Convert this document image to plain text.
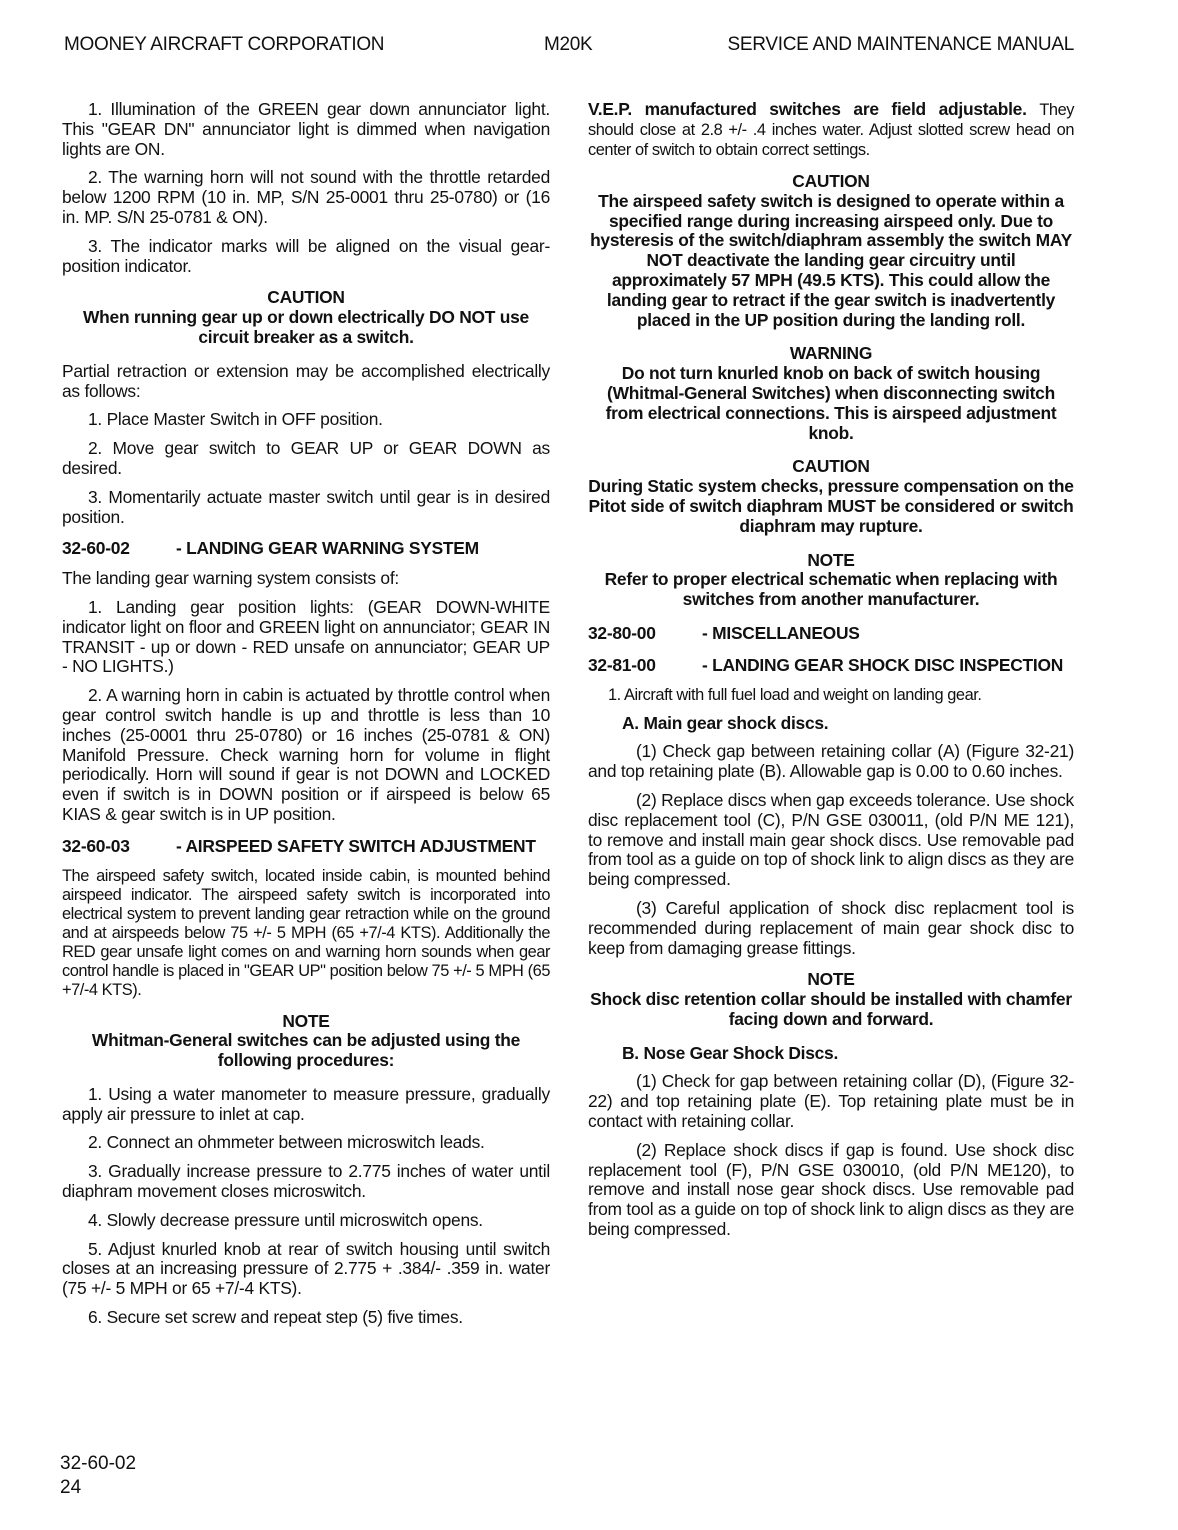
MOONEY AIRCRAFT CORPORATION	M20K	SERVICE AND MAINTENANCE MANUAL

1. Illumination of the GREEN gear down annunciator light. This "GEAR DN" annunciator light is dimmed when navigation lights are ON.

2. The warning horn will not sound with the throttle retarded below 1200 RPM (10 in. MP, S/N 25-0001 thru 25-0780) or (16 in. MP. S/N 25-0781 & ON).

3. The indicator marks will be aligned on the visual gear-position indicator.

CAUTION
When running gear up or down electrically DO NOT use circuit breaker as a switch.

Partial retraction or extension may be accomplished electrically as follows:

1. Place Master Switch in OFF position.

2. Move gear switch to GEAR UP or GEAR DOWN as desired.

3. Momentarily actuate master switch until gear is in desired position.

32-60-02	- LANDING GEAR WARNING SYSTEM

The landing gear warning system consists of:

1. Landing gear position lights: (GEAR DOWN-WHITE indicator light on floor and GREEN light on annunciator; GEAR IN TRANSIT - up or down - RED unsafe on annunciator; GEAR UP - NO LIGHTS.)

2. A warning horn in cabin is actuated by throttle control when gear control switch handle is up and throttle is less than 10 inches (25-0001 thru 25-0780) or 16 inches (25-0781 & ON) Manifold Pressure. Check warning horn for volume in flight periodically. Horn will sound if gear is not DOWN and LOCKED even if switch is in DOWN position or if airspeed is below 65 KIAS & gear switch is in UP position.

32-60-03	- AIRSPEED SAFETY SWITCH ADJUSTMENT

The airspeed safety switch, located inside cabin, is mounted behind airspeed indicator. The airspeed safety switch is incorporated into electrical system to prevent landing gear retraction while on the ground and at airspeeds below 75 +/- 5 MPH (65 +7/-4 KTS). Additionally the RED gear unsafe light comes on and warning horn sounds when gear control handle is placed in "GEAR UP" position below 75 +/- 5 MPH (65 +7/-4 KTS).

NOTE
Whitman-General switches can be adjusted using the following procedures:

1. Using a water manometer to measure pressure, gradually apply air pressure to inlet at cap.

2. Connect an ohmmeter between microswitch leads.

3. Gradually increase pressure to 2.775 inches of water until diaphram movement closes microswitch.

4. Slowly decrease pressure until microswitch opens.

5. Adjust knurled knob at rear of switch housing until switch closes at an increasing pressure of 2.775 + .384/- .359 in. water (75 +/- 5 MPH or 65 +7/-4 KTS).

6. Secure set screw and repeat step (5) five times.

V.E.P. manufactured switches are field adjustable. They should close at 2.8 +/- .4 inches water. Adjust slotted screw head on center of switch to obtain correct settings.

CAUTION
The airspeed safety switch is designed to operate within a specified range during increasing airspeed only. Due to hysteresis of the switch/diaphram assembly the switch MAY NOT deactivate the landing gear circuitry until approximately 57 MPH (49.5 KTS). This could allow the landing gear to retract if the gear switch is inadvertently placed in the UP position during the landing roll.
WARNING
Do not turn knurled knob on back of switch housing (Whitmal-General Switches) when disconnecting switch from electrical connections. This is airspeed adjustment knob.
CAUTION
During Static system checks, pressure compensation on the Pitot side of switch diaphram MUST be considered or switch diaphram may rupture.
NOTE
Refer to proper electrical schematic when replacing with switches from another manufacturer.
32-80-00	- MISCELLANEOUS
32-81-00	- LANDING GEAR SHOCK DISC INSPECTION

1. Aircraft with full fuel load and weight on landing gear.

A. Main gear shock discs.

(1) Check gap between retaining collar (A) (Figure 32-21) and top retaining plate (B). Allowable gap is 0.00 to 0.60 inches.

(2) Replace discs when gap exceeds tolerance. Use shock disc replacement tool (C), P/N GSE 030011, (old P/N ME 121), to remove and install main gear shock discs. Use removable pad from tool as a guide on top of shock link to align discs as they are being compressed.

(3) Careful application of shock disc replacment tool is recommended during replacement of main gear shock disc to keep from damaging grease fittings.

NOTE
Shock disc retention collar should be installed with chamfer facing down and forward.

B. Nose Gear Shock Discs.

(1) Check for gap between retaining collar (D), (Figure 32-22) and top retaining plate (E). Top retaining plate must be in contact with retaining collar.

(2) Replace shock discs if gap is found. Use shock disc replacement tool (F), P/N GSE 030010, (old P/N ME120), to remove and install nose gear shock discs. Use removable pad from tool as a guide on top of shock link to align discs as they are being compressed.

32-60-02
24
